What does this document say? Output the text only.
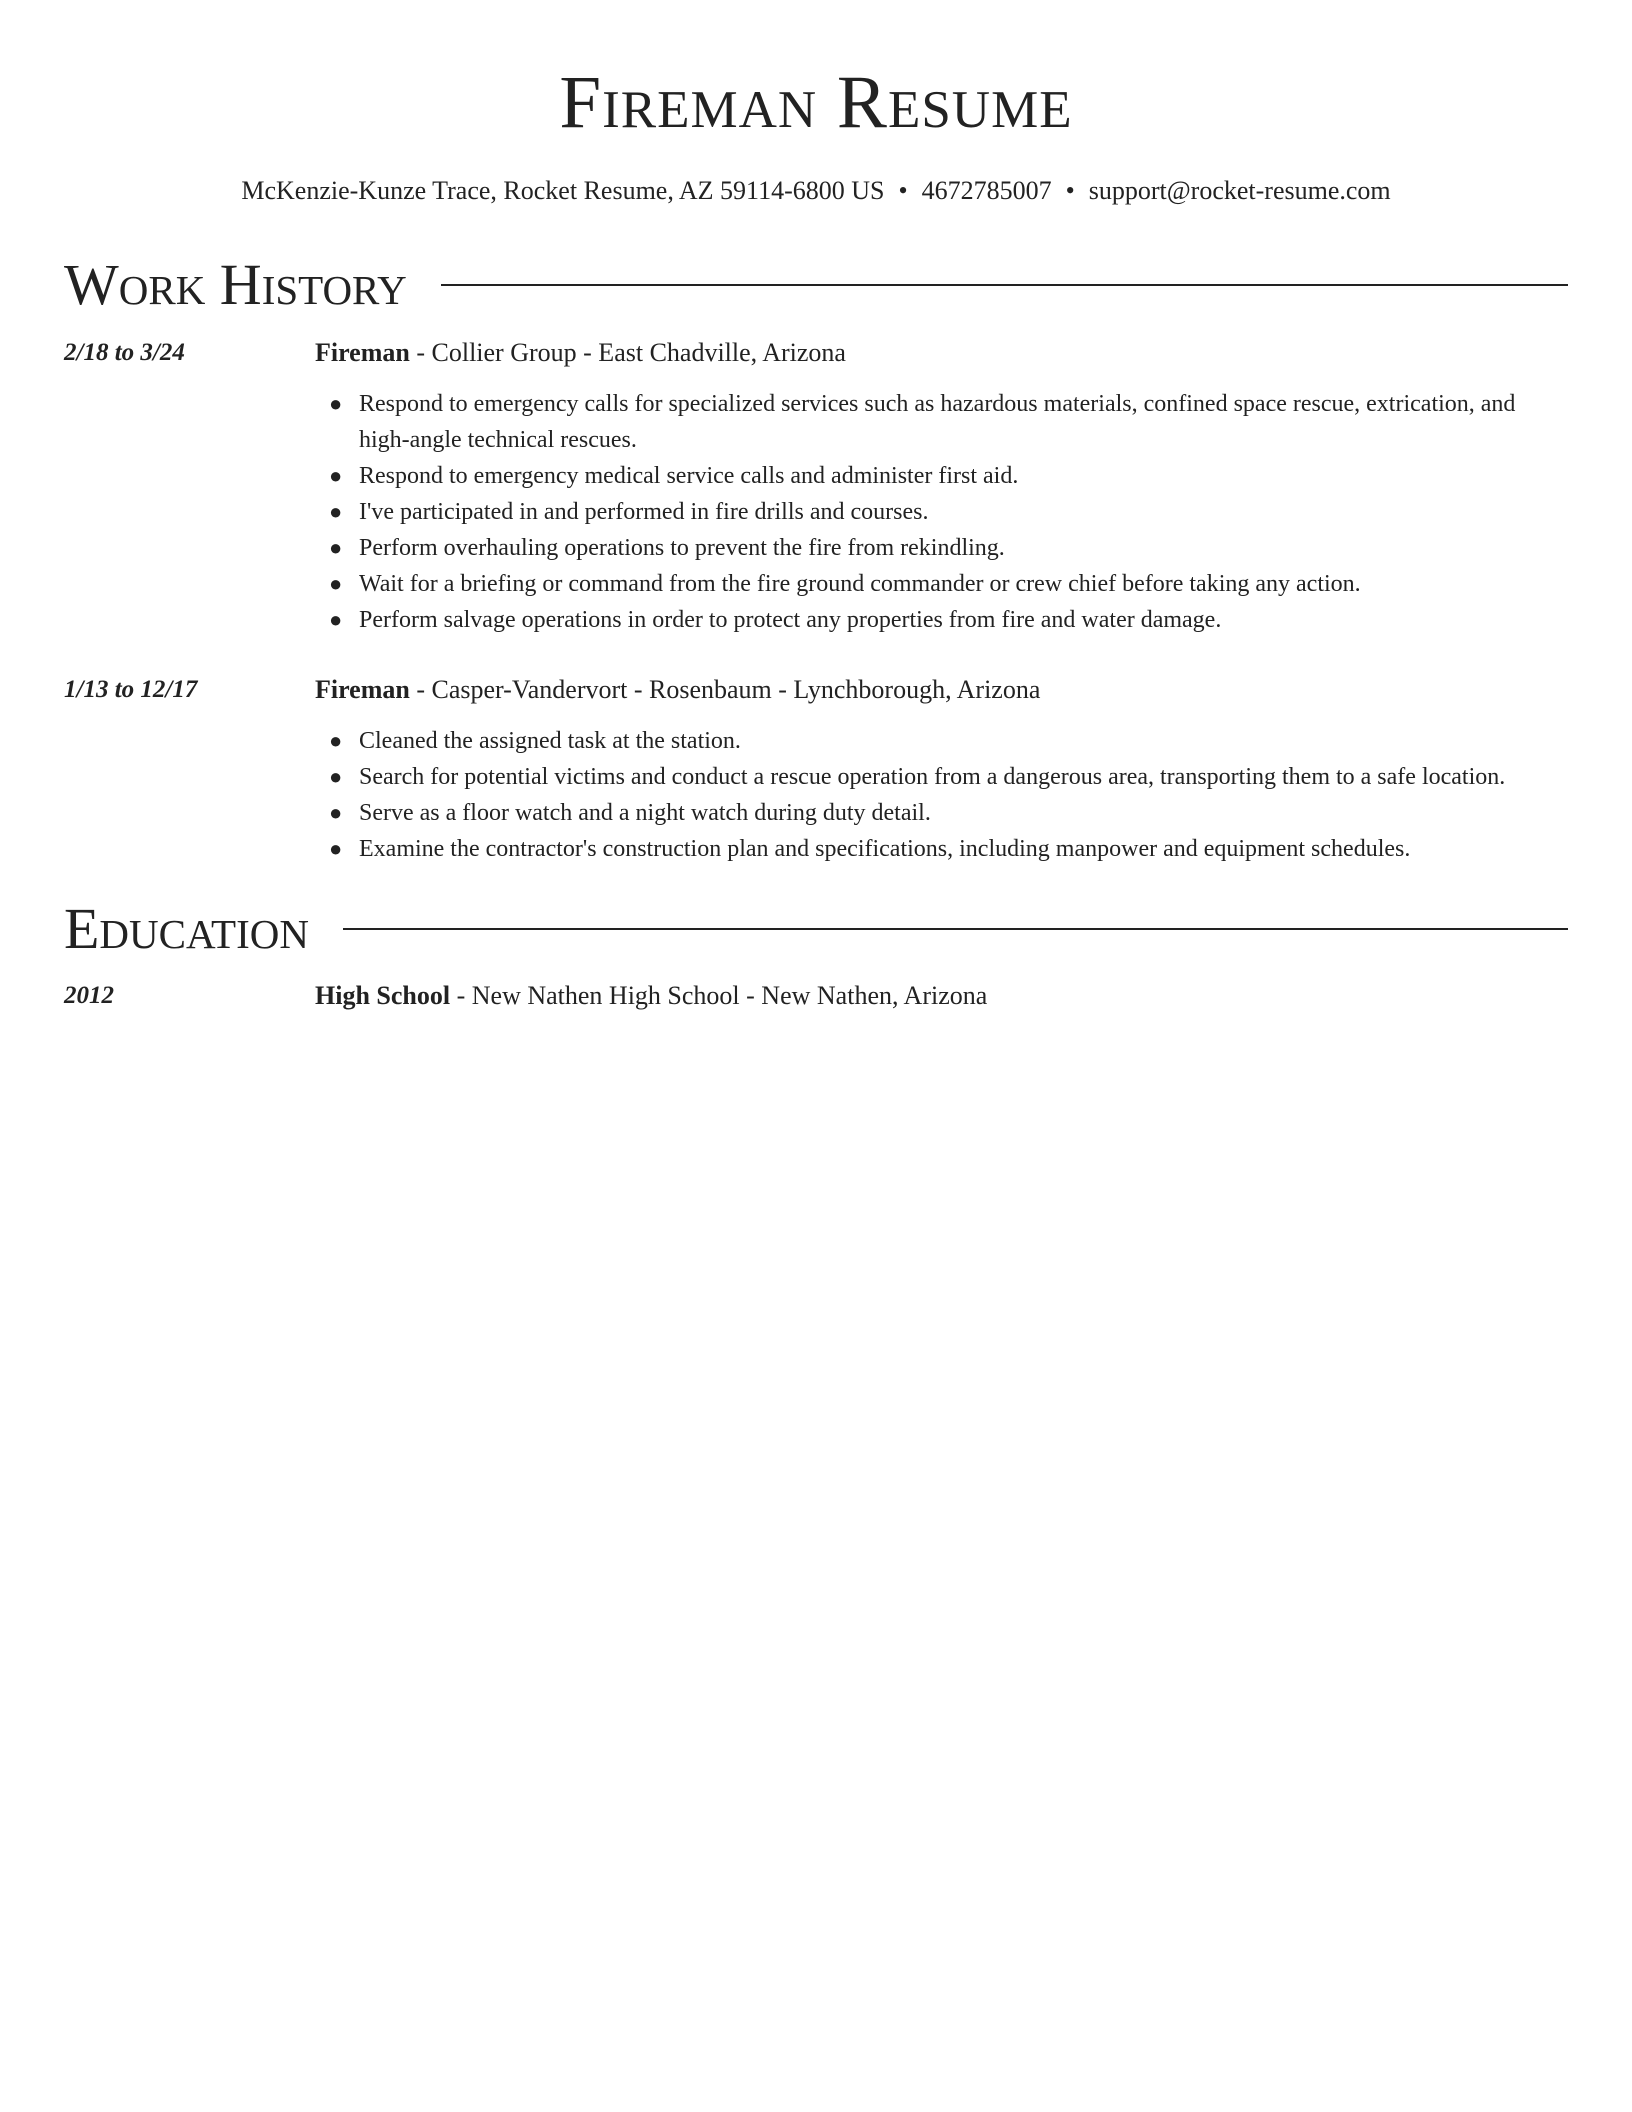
Fireman Resume
McKenzie-Kunze Trace, Rocket Resume, AZ 59114-6800 US • 4672785007 • support@rocket-resume.com
Work History
2/18 to 3/24	Fireman - Collier Group - East Chadville, Arizona
● Respond to emergency calls for specialized services such as hazardous materials, confined space rescue, extrication, and high-angle technical rescues.
● Respond to emergency medical service calls and administer first aid.
● I've participated in and performed in fire drills and courses.
● Perform overhauling operations to prevent the fire from rekindling.
● Wait for a briefing or command from the fire ground commander or crew chief before taking any action.
● Perform salvage operations in order to protect any properties from fire and water damage.
1/13 to 12/17	Fireman - Casper-Vandervort - Rosenbaum - Lynchborough, Arizona
● Cleaned the assigned task at the station.
● Search for potential victims and conduct a rescue operation from a dangerous area, transporting them to a safe location.
● Serve as a floor watch and a night watch during duty detail.
● Examine the contractor's construction plan and specifications, including manpower and equipment schedules.
Education
2012	High School - New Nathen High School - New Nathen, Arizona
